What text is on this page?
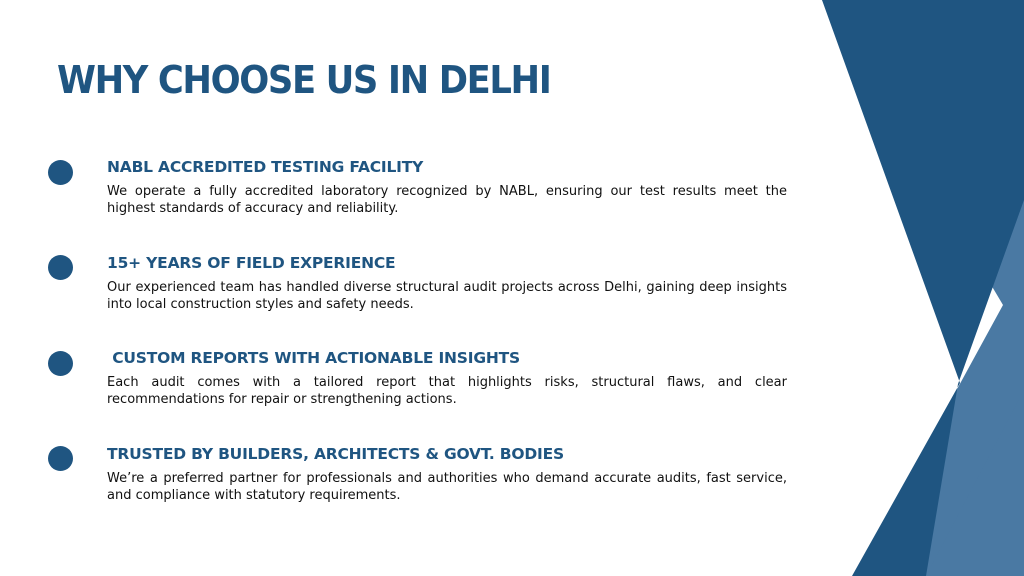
WHY CHOOSE US IN DELHI
NABL ACCREDITED TESTING FACILITY

We operate a fully accredited laboratory recognized by NABL, ensuring our test results meet the highest standards of accuracy and reliability.

15+ YEARS OF FIELD EXPERIENCE

Our experienced team has handled diverse structural audit projects across Delhi, gaining deep insights into local construction styles and safety needs.

CUSTOM REPORTS WITH ACTIONABLE INSIGHTS

Each audit comes with a tailored report that highlights risks, structural flaws, and clear recommendations for repair or strengthening actions.

TRUSTED BY BUILDERS, ARCHITECTS & GOVT. BODIES

We’re a preferred partner for professionals and authorities who demand accurate audits, fast service, and compliance with statutory requirements.
